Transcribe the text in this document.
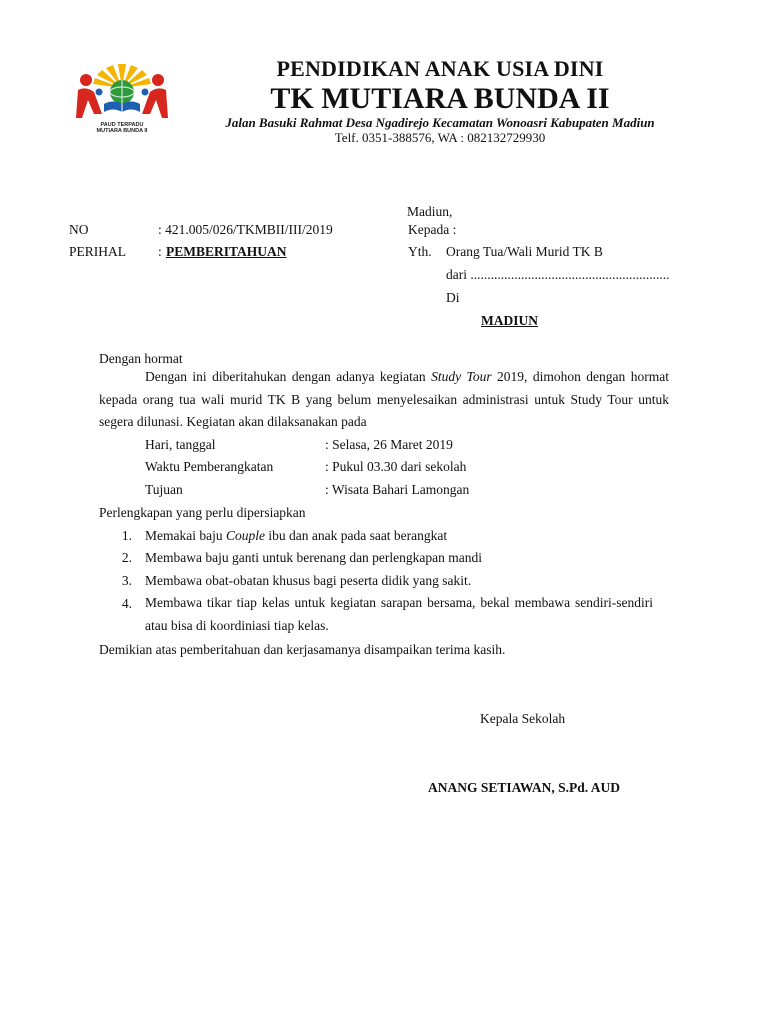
PAUD TERPADU
MUTIARA BUNDA II
PENDIDIKAN ANAK USIA DINI
TK MUTIARA BUNDA II
Jalan Basuki Rahmat Desa Ngadirejo Kecamatan Wonoasri Kabupaten Madiun
Telf. 0351-388576, WA : 082132729930
Madiun,
NO	: 421.005/026/TKMBII/III/2019	Kepada :
PERIHAL : PEMBERITAHUAN	Yth. Orang Tua/Wali Murid TK B
dari ...........................................................
Di
MADIUN
Dengan hormat
Dengan ini diberitahukan dengan adanya kegiatan Study Tour 2019, dimohon dengan hormat kepada orang tua wali murid TK B yang belum menyelesaikan administrasi untuk Study Tour untuk segera dilunasi. Kegiatan akan dilaksanakan pada
Hari, tanggal	: Selasa, 26 Maret 2019
Waktu Pemberangkatan	: Pukul 03.30 dari sekolah
Tujuan	: Wisata Bahari Lamongan
Perlengkapan yang perlu dipersiapkan
1. Memakai baju Couple ibu dan anak pada saat berangkat
2. Membawa baju ganti untuk berenang dan perlengkapan mandi
3. Membawa obat-obatan khusus bagi peserta didik yang sakit.
4. Membawa tikar tiap kelas untuk kegiatan sarapan bersama, bekal membawa sendiri-sendiri atau bisa di koordiniasi tiap kelas.
Demikian atas pemberitahuan dan kerjasamanya disampaikan terima kasih.
Kepala Sekolah
ANANG SETIAWAN, S.Pd. AUD
